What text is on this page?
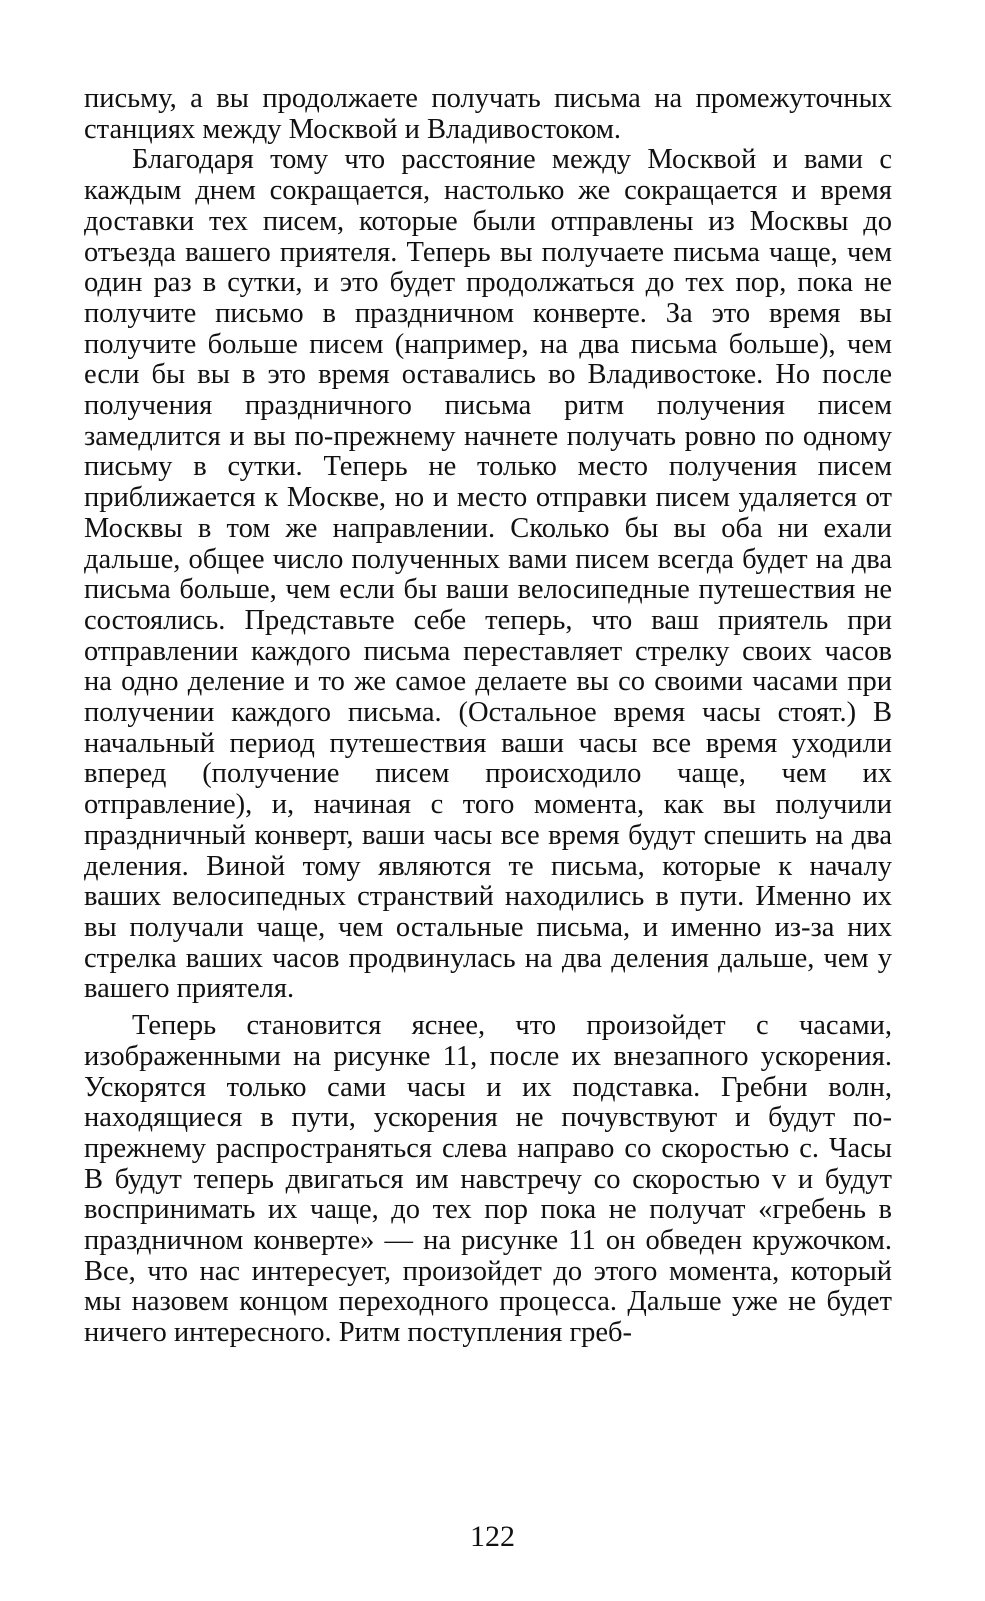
письму, а вы продолжаете получать письма на промежуточных станциях между Москвой и Владивостоком.

Благодаря тому что расстояние между Москвой и вами с каждым днем сокращается, настолько же сокращается и время доставки тех писем, которые были отправлены из Москвы до отъезда вашего приятеля. Теперь вы получаете письма чаще, чем один раз в сутки, и это будет продолжаться до тех пор, пока не получите письмо в праздничном конверте. За это время вы получите больше писем (например, на два письма больше), чем если бы вы в это время оставались во Владивостоке. Но после получения праздничного письма ритм получения писем замедлится и вы по-прежнему начнете получать ровно по одному письму в сутки. Теперь не только место получения писем приближается к Москве, но и место отправки писем удаляется от Москвы в том же направлении. Сколько бы вы оба ни ехали дальше, общее число полученных вами писем всегда будет на два письма больше, чем если бы ваши велосипедные путешествия не состоялись. Представьте себе теперь, что ваш приятель при отправлении каждого письма переставляет стрелку своих часов на одно деление и то же самое делаете вы со своими часами при получении каждого письма. (Остальное время часы стоят.) В начальный период путешествия ваши часы все время уходили вперед (получение писем происходило чаще, чем их отправление), и, начиная с того момента, как вы получили праздничный конверт, ваши часы все время будут спешить на два деления. Виной тому являются те письма, которые к началу ваших велосипедных странствий находились в пути. Именно их вы получали чаще, чем остальные письма, и именно из-за них стрелка ваших часов продвинулась на два деления дальше, чем у вашего приятеля.

Теперь становится яснее, что произойдет с часами, изображенными на рисунке 11, после их внезапного ускорения. Ускорятся только сами часы и их подставка. Гребни волн, находящиеся в пути, ускорения не почувствуют и будут по-прежнему распространяться слева направо со скоростью c. Часы B будут теперь двигаться им навстречу со скоростью v и будут воспринимать их чаще, до тех пор пока не получат «гребень в праздничном конверте» — на рисунке 11 он обведен кружочком. Все, что нас интересует, произойдет до этого момента, который мы назовем концом переходного процесса. Дальше уже не будет ничего интересного. Ритм поступления греб-

122
